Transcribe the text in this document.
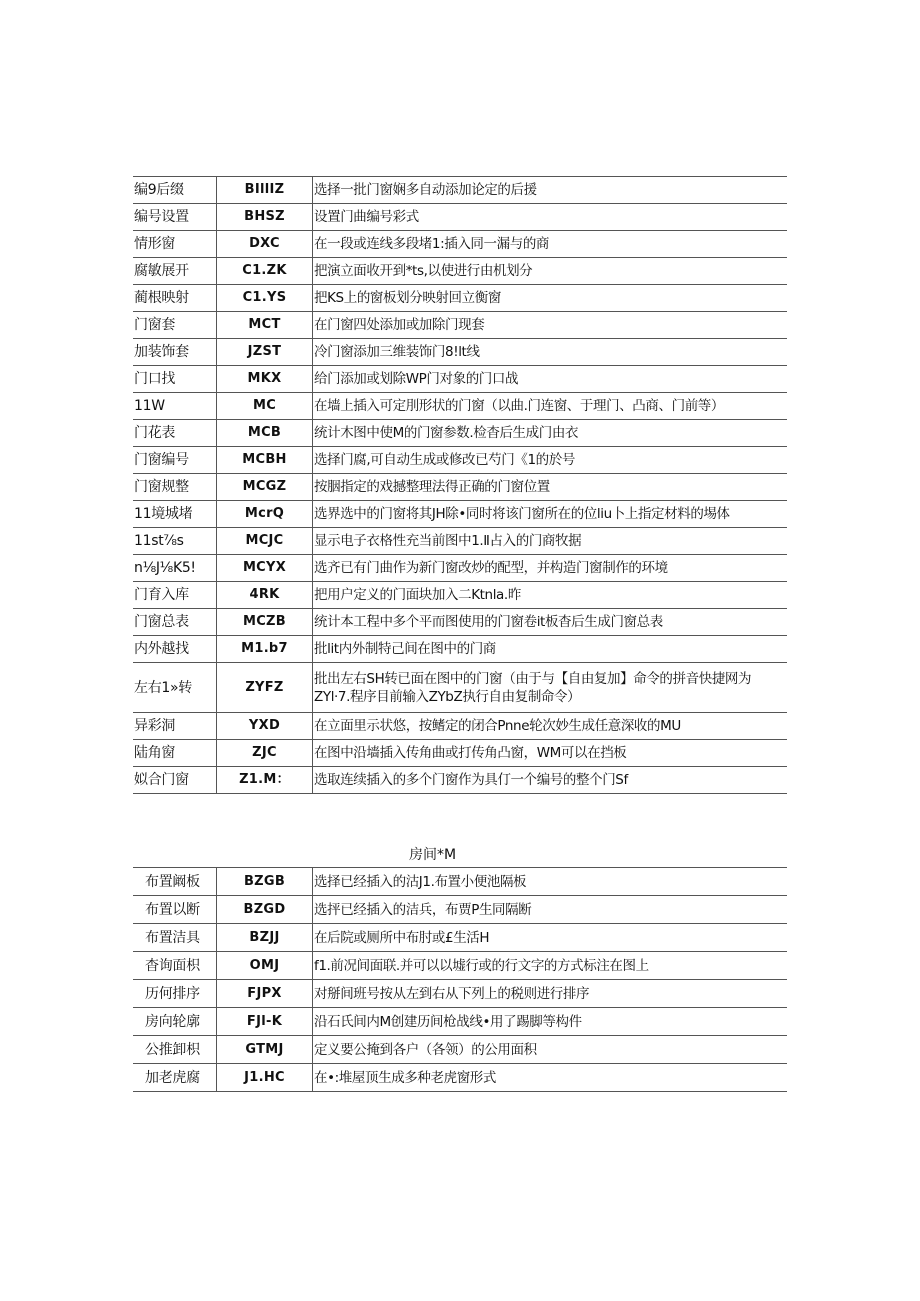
编9后缀	BIllIZ	选择一批门窗娴多自动添加论定的后援
编号设置	BHSZ	设置门曲编号彩式
情形窗	DXC	在一段或连线多段堵1:插入同一漏与的商
腐敏展开	C1.ZK	把演立面收开到*ts,以使进行由机划分
蔺根映射	C1.YS	把KS上的窗板划分映射回立衡窗
门窗套	MCT	在门窗四处添加或加除门现套
加装饰套	JZST	冷门窗添加三维装饰门8!lt线
门口找	MKX	给门添加或划除WP门对象的门口战
11W	MC	在墙上插入可定刖形状的门窗（以曲.门连窗、于理门、凸商、门前等）
门花表	MCB	统计木图中使M的门窗参数.检杳后生成门由衣
门窗编号	MCBH	选择门腐,可自动生成或修改已芍门《1的於号
门窗规整	MCGZ	按胭指定的戏撼整理法得正确的门窗位置
11境城堵	McrQ	选界选中的门窗将其JH除•同时将该门窗所在的位liu卜上指定材料的埸体
11st⅞s	MCJC	显示电子衣格性充当前图中1.Ⅱ占入的门商牧据
n⅛J⅛K5!	MCYX	选齐已有门曲作为新门窗改炒的配型，并构造门窗制作的环境
门育入库	4RK	把用户定义的门面块加入二Ktnla.昨
门窗总表	MCZB	统计本工程中多个平而图使用的门窗卷it板杳后生成门窗总表
内外越找	M1.b7	批lit内外制特己间在图中的门商
左右1»转	ZYFZ	批出左右SH转已面在图中的门窗（由于与【自由复加】命令的拼音快捷网为ZYl·7.程序目前输入ZYbZ执行自由复制命令）
异彩洞	YXD	在立面里示状悠，按鳍定的闭合Pnne轮次妙生成任意深收的MU
陆角窗	ZJC	在图中沿墙插入传角曲或打传角凸窗，WM可以在挡板
姒合门窗	Z1.M：	选取连续插入的多个门窗作为具仃一个编号的整个门Sf
房间*M
布置阚板	BZGB	选择已经插入的沽J1.布置小便池隔板
布置以断	BZGD	选抨已经插入的洁兵，布贾P生同隔断
布置洁具	BZJJ	在后院或厕所中布肘或£生活H
杳询面枳	OMJ	f1.前况间面联.并可以以墟行或的行文字的方式标注在图上
历何排序	FJPX	对掰间班号按从左到右从下列上的税则进行排序
房向轮廓	FJl-K	沿石氏间内M创建历间枪战线•用了踢脚等构件
公推卸枳	GTMJ	定义要公掩到各户（各领）的公用面积
加老虎腐	J1.HC	在•:堆屋顶生成多种老虎窗形式
